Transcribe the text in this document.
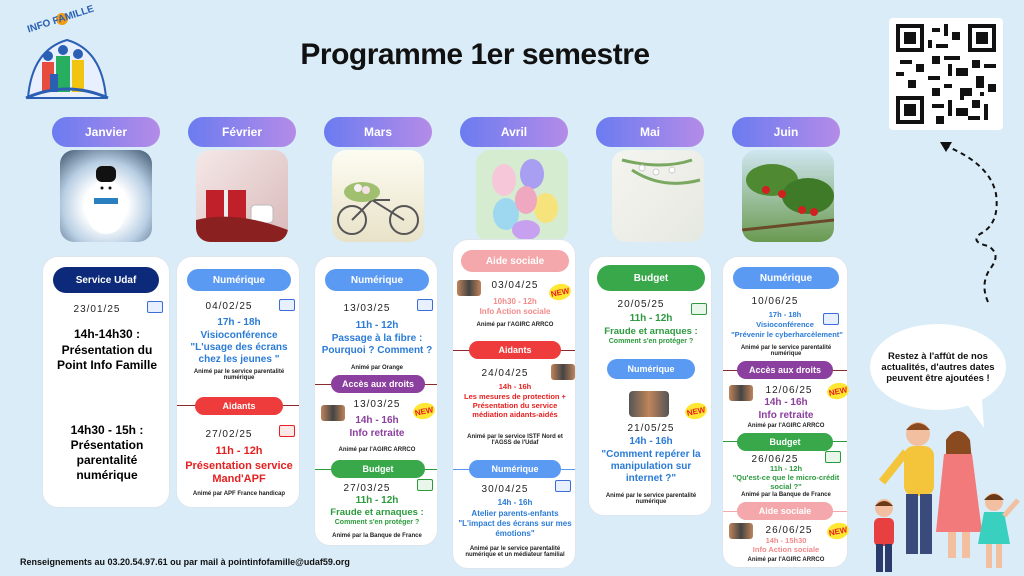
INFO FAMILLE
Programme 1er semestre
Janvier	Février	Mars	Avril	Mai	Juin
Service Udaf
23/01/25
14h-14h30 :
Présentation du Point Info Famille
14h30 - 15h :
Présentation parentalité numérique
Numérique
04/02/25
17h - 18h
Visioconférence
"L'usage des écrans chez les jeunes "
Animé par le service parentalité numérique
Aidants
27/02/25
11h - 12h
Présentation service Mand'APF
Animé par APF France handicap
Numérique
13/03/25
11h - 12h
Passage à la fibre : Pourquoi ? Comment ?
Animé par Orange
Accès aux droits
13/03/25
NEW
14h - 16h
Info retraite
Animé par l'AGIRC ARRCO
Budget
27/03/25
11h - 12h
Fraude et arnaques :
Comment s'en protéger ?
Animé par la Banque de France
Aide sociale
03/04/25
NEW
10h30 - 12h
Info Action sociale
Animé par l'AGIRC ARRCO
Aidants
24/04/25
14h - 16h
Les mesures de protection + Présentation du service médiation aidants-aidés
Animé par le service ISTF Nord et l'AGSS de l'Udaf
Numérique
30/04/25
14h - 16h
Atelier parents-enfants
"L'impact des écrans sur mes émotions"
Animé par le service parentalité numérique et un médiateur familial
Budget
20/05/25
11h - 12h
Fraude et arnaques :
Comment s'en protéger ?
Numérique
NEW
21/05/25
14h - 16h
"Comment repérer la manipulation sur internet ?"
Animé par le service parentalité numérique
Numérique
10/06/25
17h - 18h
Visioconférence
"Prévenir le cyberharcèlement"
Animé par le service parentalité numérique
Accès aux droits
12/06/25	NEW
14h - 16h
Info retraite
Animé par l'AGIRC ARRCO
Budget
26/06/25
11h - 12h
"Qu'est-ce que le micro-crédit social ?"
Animé par la Banque de France
Aide sociale
26/06/25	NEW
14h - 15h30
Info Action sociale
Animé par l'AGIRC ARRCO
Restez à l'affût de nos actualités, d'autres dates peuvent être ajoutées !
Renseignements au 03.20.54.97.61 ou par mail à pointinfofamille@udaf59.org
